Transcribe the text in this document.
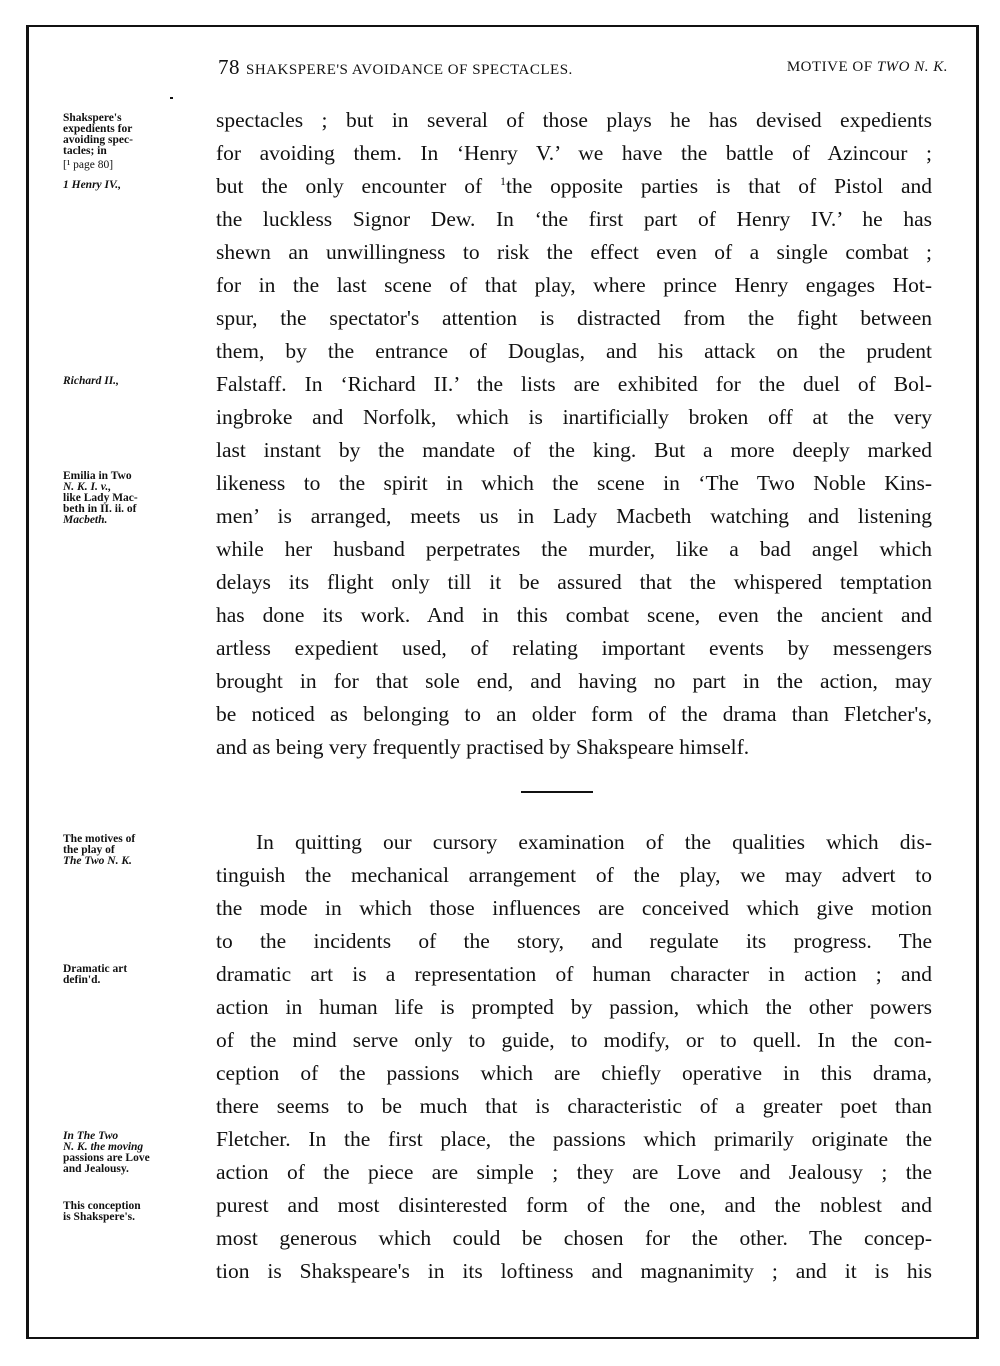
78 SHAKSPERE'S AVOIDANCE OF SPECTACLES.	MOTIVE OF TWO N. K.
Shakspere's
expedients for
avoiding spec-
tacles; in
[¹ page 80]
1 Henry IV.,
Richard II.,
Emilia in Two
N. K. I. v.,
like Lady Mac-
beth in II. ii. of
Macbeth.
The motives of
the play of
The Two N. K.
Dramatic art
defin'd.
In The Two
N. K. the moving
passions are Love
and Jealousy.
This conception
is Shakspere's.
spectacles ; but in several of those plays he has devised expedients
for avoiding them. In ‘Henry V.’ we have the battle of Azincour ;
but the only encounter of $^1$the opposite parties is that of Pistol and
the luckless Signor Dew. In ‘the first part of Henry IV.’ he has
shewn an unwillingness to risk the effect even of a single combat ;
for in the last scene of that play, where prince Henry engages Hot-
spur, the spectator's attention is distracted from the fight between
them, by the entrance of Douglas, and his attack on the prudent
Falstaff. In ‘Richard II.’ the lists are exhibited for the duel of Bol-
ingbroke and Norfolk, which is inartificially broken off at the very
last instant by the mandate of the king. But a more deeply marked
likeness to the spirit in which the scene in ‘The Two Noble Kins-
men’ is arranged, meets us in Lady Macbeth watching and listening
while her husband perpetrates the murder, like a bad angel which
delays its flight only till it be assured that the whispered temptation
has done its work. And in this combat scene, even the ancient and
artless expedient used, of relating important events by messengers
brought in for that sole end, and having no part in the action, may
be noticed as belonging to an older form of the drama than Fletcher's,
and as being very frequently practised by Shakspeare himself.
In quitting our cursory examination of the qualities which dis-
tinguish the mechanical arrangement of the play, we may advert to
the mode in which those influences are conceived which give motion
to the incidents of the story, and regulate its progress. The
dramatic art is a representation of human character in action ; and
action in human life is prompted by passion, which the other powers
of the mind serve only to guide, to modify, or to quell. In the con-
ception of the passions which are chiefly operative in this drama,
there seems to be much that is characteristic of a greater poet than
Fletcher. In the first place, the passions which primarily originate the
action of the piece are simple ; they are Love and Jealousy ; the
purest and most disinterested form of the one, and the noblest and
most generous which could be chosen for the other. The concep-
tion is Shakspeare's in its loftiness and magnanimity ; and it is his
